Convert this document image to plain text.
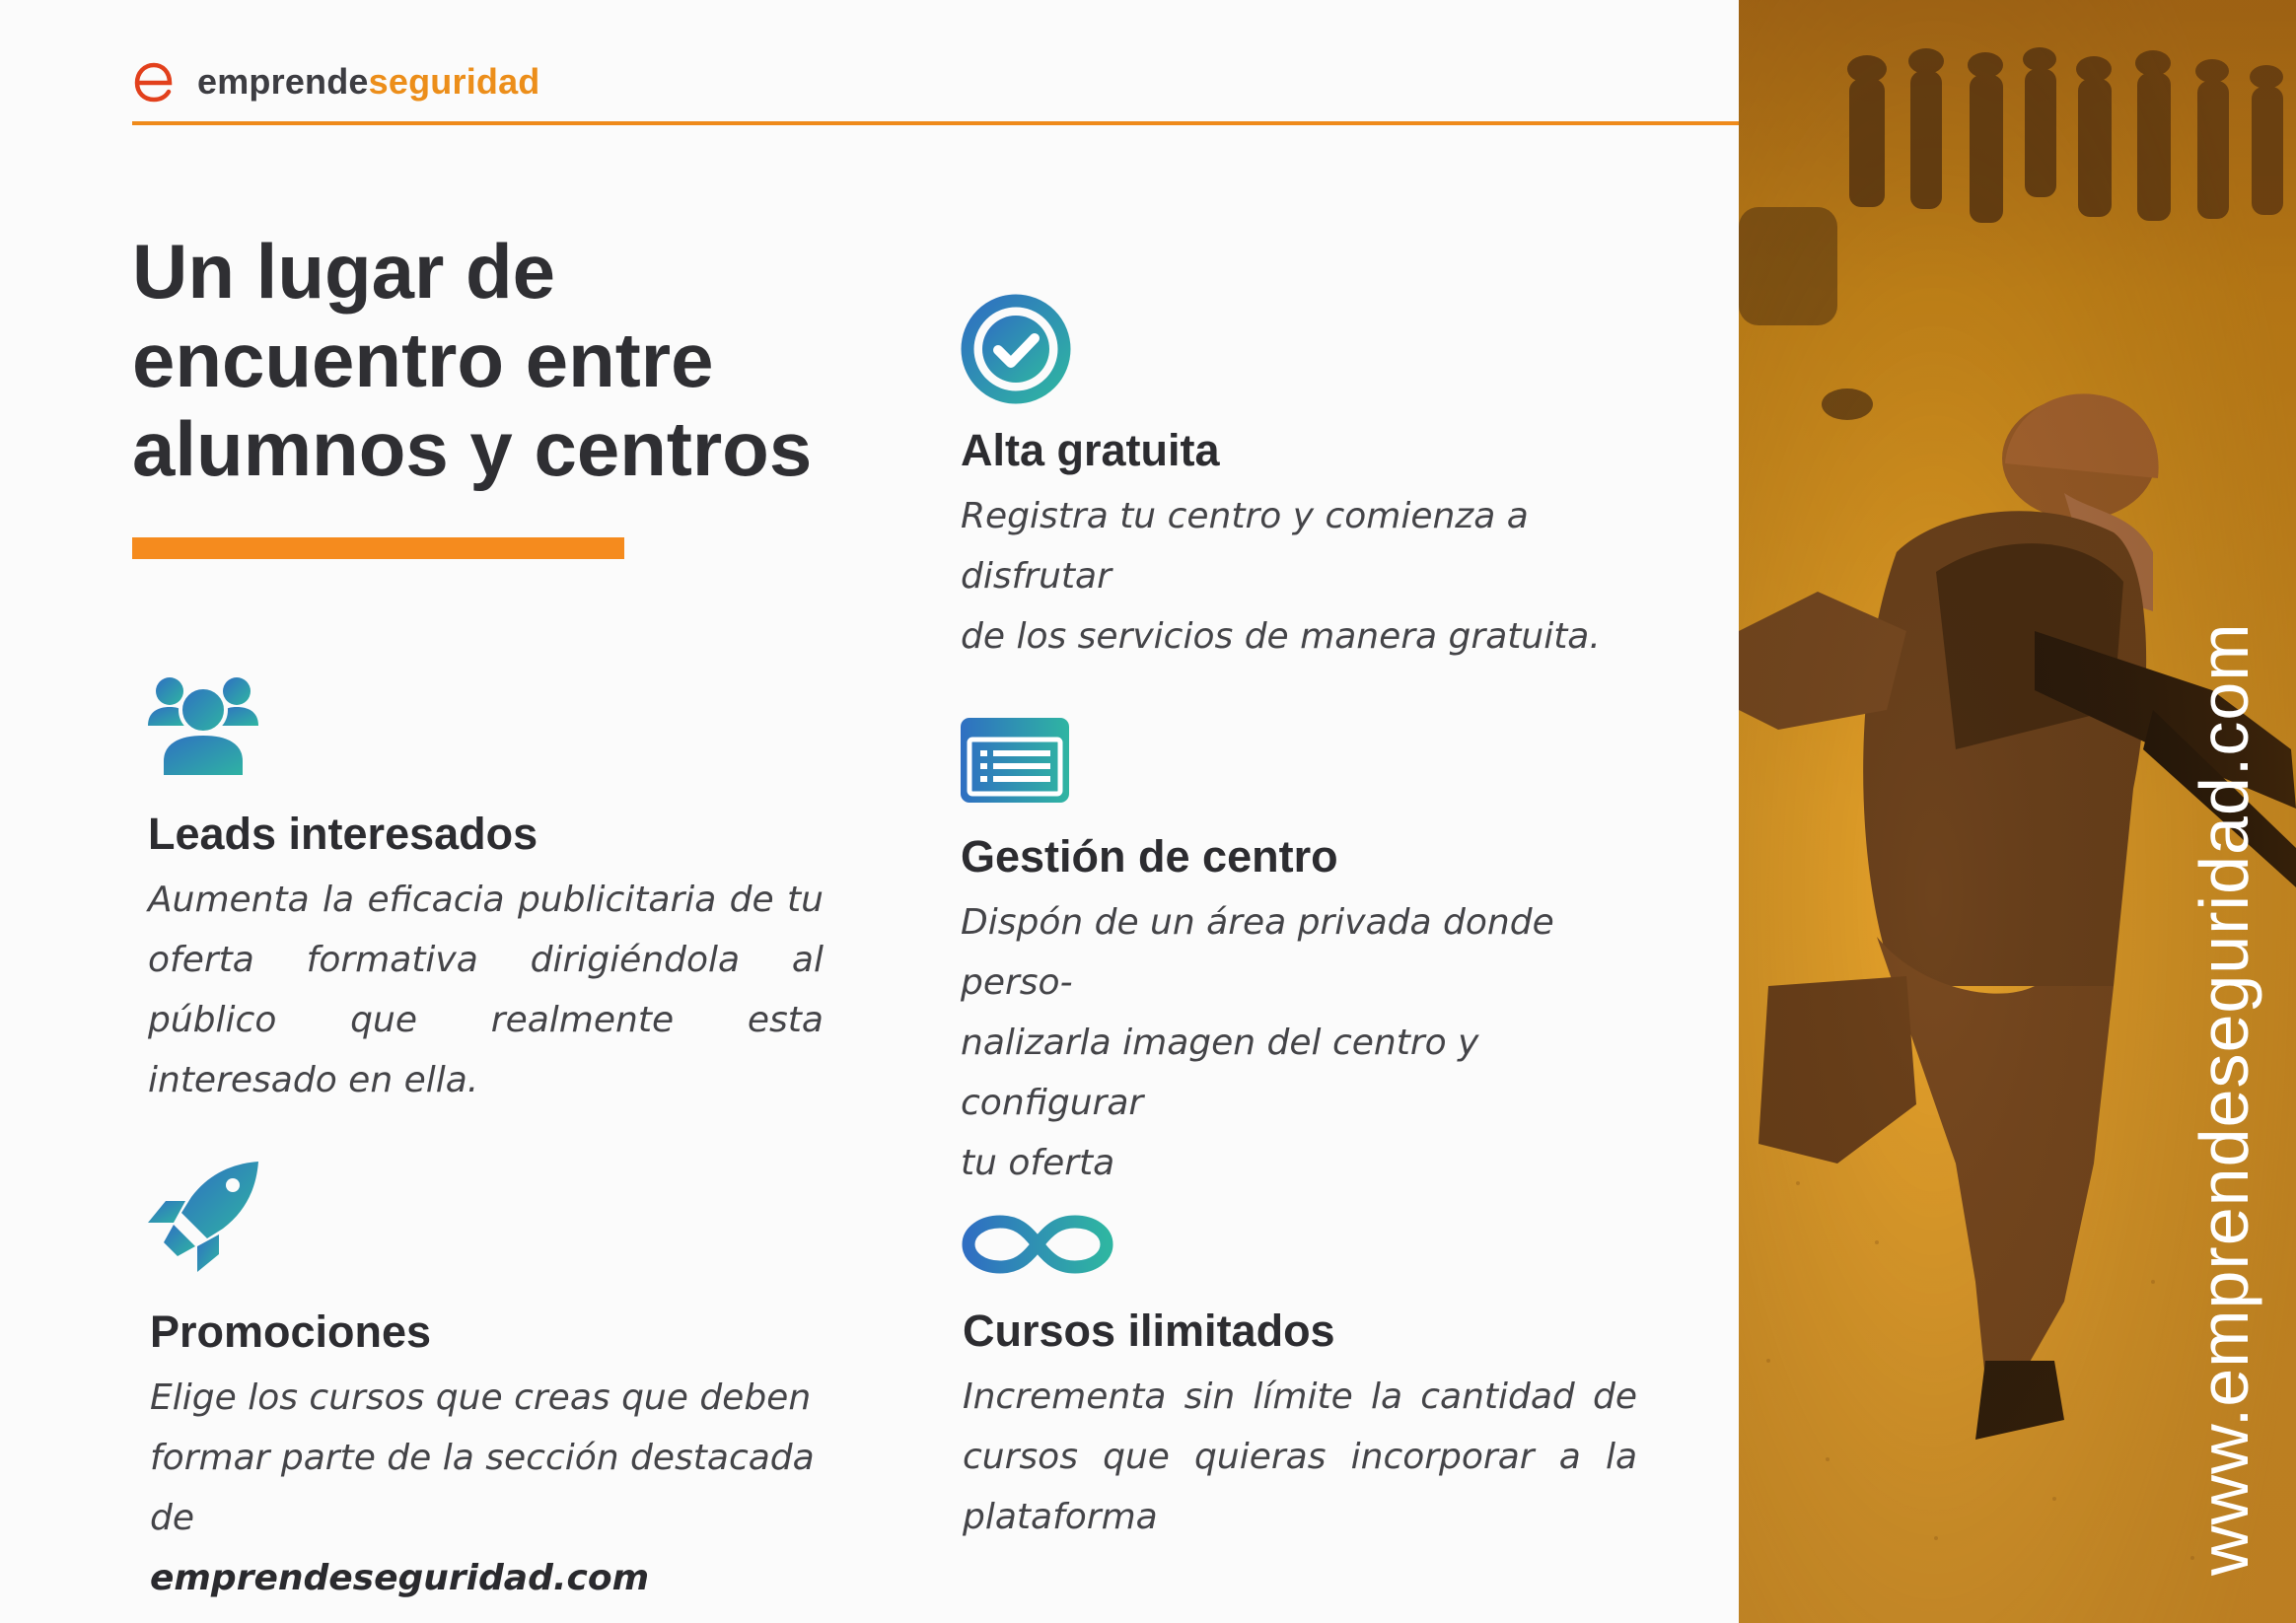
emprendeseguridad
Un lugar de
encuentro entre
alumnos y centros	Alta gratuita

Registra tu centro y comienza a disfrutar
de los servicios de manera gratuita.

Leads interesados

Aumenta la eficacia publicitaria de tu oferta formativa dirigiéndola al público que realmente esta interesado en ella.

Gestión de centro

Dispón de un área privada donde perso-
nalizarla imagen del centro y configurar
tu oferta

Promociones

Elige los cursos que creas que deben
formar parte de la sección destacada de
emprendeseguridad.com

Cursos ilimitados

Incrementa sin límite la cantidad de cursos que quieras incorporar a la plataforma	www.emprendeseguridad.com
